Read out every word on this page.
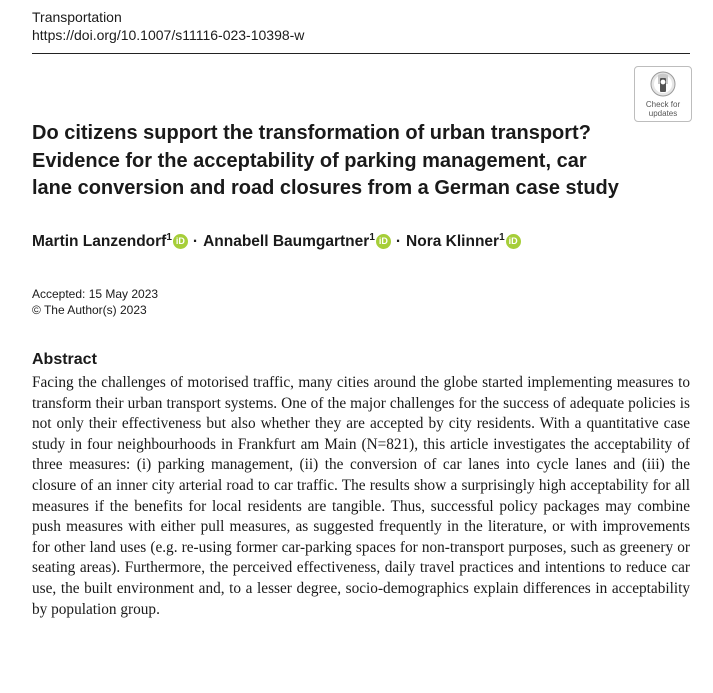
Transportation
https://doi.org/10.1007/s11116-023-10398-w
Check for
updates
Do citizens support the transformation of urban transport? Evidence for the acceptability of parking management, car lane conversion and road closures from a German case study
Martin Lanzendorf$^1$ iD · Annabell Baumgartner$^1$ iD · Nora Klinner$^1$ iD
Accepted: 15 May 2023
© The Author(s) 2023
Abstract

Facing the challenges of motorised traffic, many cities around the globe started implementing measures to transform their urban transport systems. One of the major challenges for the success of adequate policies is not only their effectiveness but also whether they are accepted by city residents. With a quantitative case study in four neighbourhoods in Frankfurt am Main (N=821), this article investigates the acceptability of three measures: (i) parking management, (ii) the conversion of car lanes into cycle lanes and (iii) the closure of an inner city arterial road to car traffic. The results show a surprisingly high acceptability for all measures if the benefits for local residents are tangible. Thus, successful policy packages may combine push measures with either pull measures, as suggested frequently in the literature, or with improvements for other land uses (e.g. re-using former car-parking spaces for non-transport purposes, such as greenery or seating areas). Furthermore, the perceived effectiveness, daily travel practices and intentions to reduce car use, the built environment and, to a lesser degree, socio-demographics explain differences in acceptability by population group.
